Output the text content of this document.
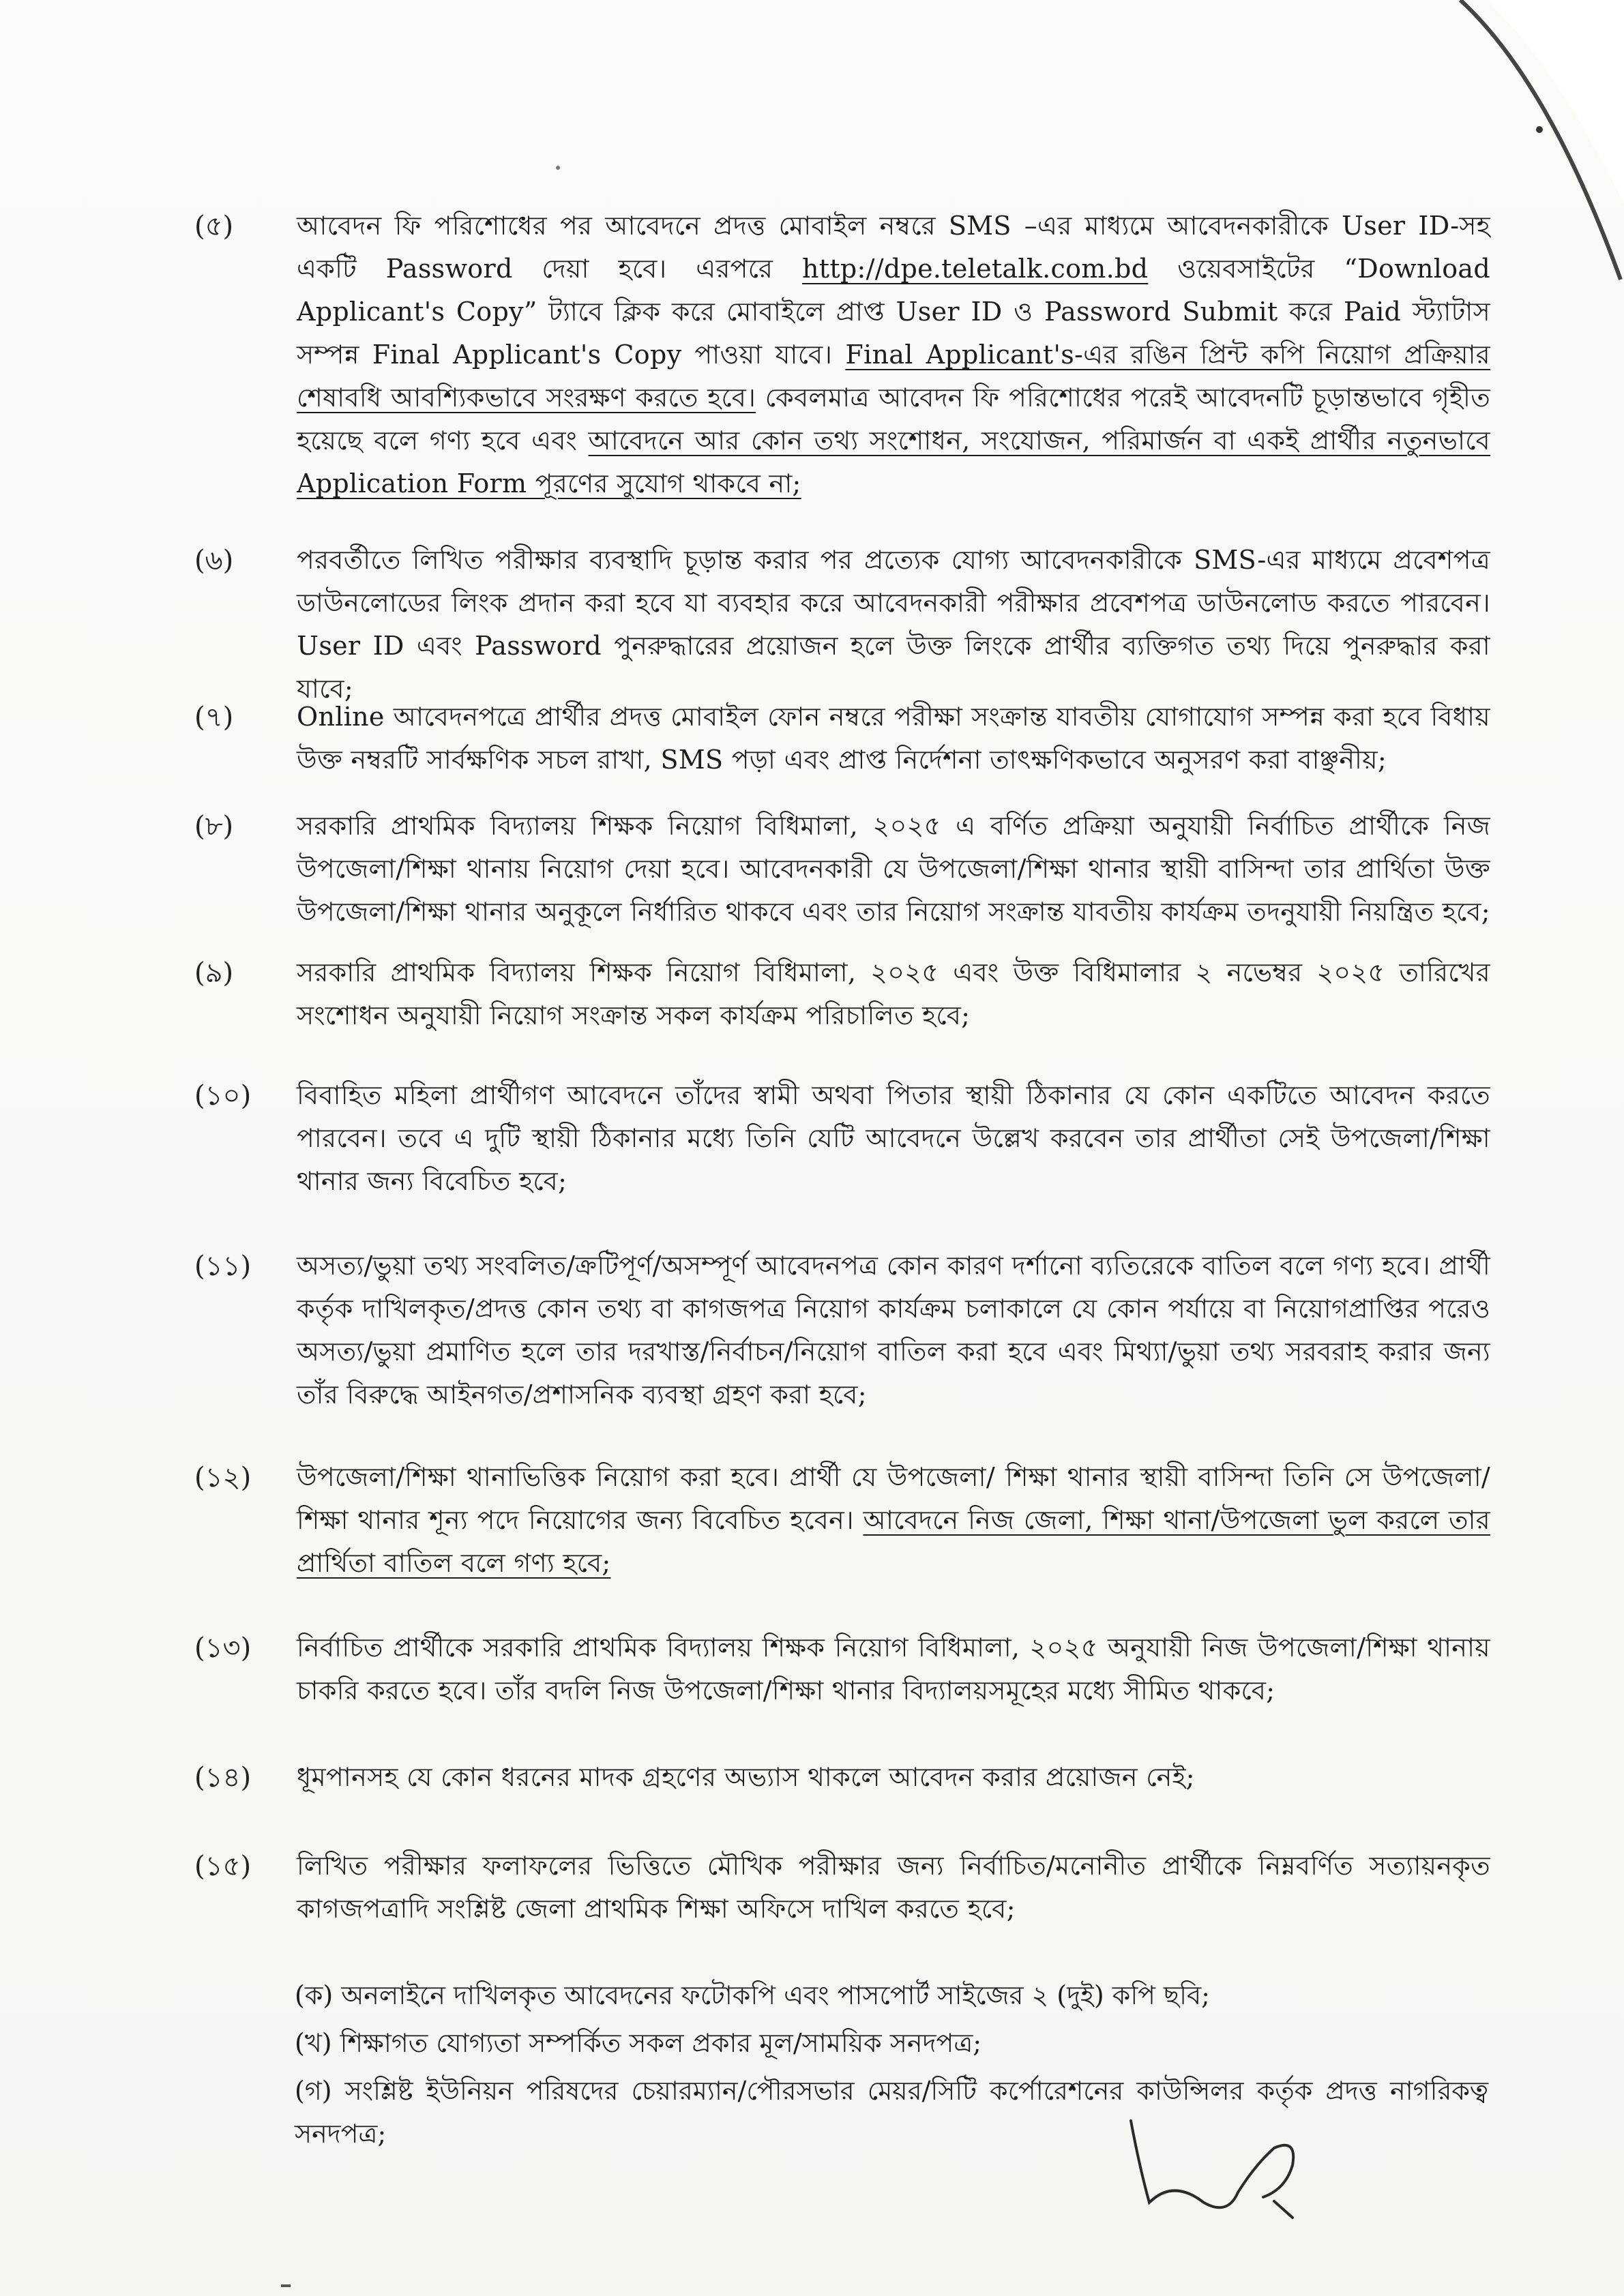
(৫)	আবেদন ফি পরিশোধের পর আবেদনে প্রদত্ত মোবাইল নম্বরে SMS –এর মাধ্যমে আবেদনকারীকে User ID-সহ একটি Password দেয়া হবে। এরপরে http://dpe.teletalk.com.bd ওয়েবসাইটের “Download Applicant's Copy” ট্যাবে ক্লিক করে মোবাইলে প্রাপ্ত User ID ও Password Submit করে Paid স্ট্যাটাস সম্পন্ন Final Applicant's Copy পাওয়া যাবে। Final Applicant's-এর রঙিন প্রিন্ট কপি নিয়োগ প্রক্রিয়ার শেষাবধি আবশ্যিকভাবে সংরক্ষণ করতে হবে। কেবলমাত্র আবেদন ফি পরিশোধের পরেই আবেদনটি চূড়ান্তভাবে গৃহীত হয়েছে বলে গণ্য হবে এবং আবেদনে আর কোন তথ্য সংশোধন, সংযোজন, পরিমার্জন বা একই প্রার্থীর নতুনভাবে Application Form পূরণের সুযোগ থাকবে না;
(৬)	পরবর্তীতে লিখিত পরীক্ষার ব্যবস্থাদি চূড়ান্ত করার পর প্রত্যেক যোগ্য আবেদনকারীকে SMS-এর মাধ্যমে প্রবেশপত্র ডাউনলোডের লিংক প্রদান করা হবে যা ব্যবহার করে আবেদনকারী পরীক্ষার প্রবেশপত্র ডাউনলোড করতে পারবেন। User ID এবং Password পুনরুদ্ধারের প্রয়োজন হলে উক্ত লিংকে প্রার্থীর ব্যক্তিগত তথ্য দিয়ে পুনরুদ্ধার করা যাবে;
(৭)	Online আবেদনপত্রে প্রার্থীর প্রদত্ত মোবাইল ফোন নম্বরে পরীক্ষা সংক্রান্ত যাবতীয় যোগাযোগ সম্পন্ন করা হবে বিধায় উক্ত নম্বরটি সার্বক্ষণিক সচল রাখা, SMS পড়া এবং প্রাপ্ত নির্দেশনা তাৎক্ষণিকভাবে অনুসরণ করা বাঞ্ছনীয়;
(৮)	সরকারি প্রাথমিক বিদ্যালয় শিক্ষক নিয়োগ বিধিমালা, ২০২৫ এ বর্ণিত প্রক্রিয়া অনুযায়ী নির্বাচিত প্রার্থীকে নিজ উপজেলা/শিক্ষা থানায় নিয়োগ দেয়া হবে। আবেদনকারী যে উপজেলা/শিক্ষা থানার স্থায়ী বাসিন্দা তার প্রার্থিতা উক্ত উপজেলা/শিক্ষা থানার অনুকূলে নির্ধারিত থাকবে এবং তার নিয়োগ সংক্রান্ত যাবতীয় কার্যক্রম তদনুযায়ী নিয়ন্ত্রিত হবে;
(৯)	সরকারি প্রাথমিক বিদ্যালয় শিক্ষক নিয়োগ বিধিমালা, ২০২৫ এবং উক্ত বিধিমালার ২ নভেম্বর ২০২৫ তারিখের সংশোধন অনুযায়ী নিয়োগ সংক্রান্ত সকল কার্যক্রম পরিচালিত হবে;
(১০)	বিবাহিত মহিলা প্রার্থীগণ আবেদনে তাঁদের স্বামী অথবা পিতার স্থায়ী ঠিকানার যে কোন একটিতে আবেদন করতে পারবেন। তবে এ দুটি স্থায়ী ঠিকানার মধ্যে তিনি যেটি আবেদনে উল্লেখ করবেন তার প্রার্থীতা সেই উপজেলা/শিক্ষা থানার জন্য বিবেচিত হবে;
(১১)	অসত্য/ভুয়া তথ্য সংবলিত/ক্রটিপূর্ণ/অসম্পূর্ণ আবেদনপত্র কোন কারণ দর্শানো ব্যতিরেকে বাতিল বলে গণ্য হবে। প্রার্থী কর্তৃক দাখিলকৃত/প্রদত্ত কোন তথ্য বা কাগজপত্র নিয়োগ কার্যক্রম চলাকালে যে কোন পর্যায়ে বা নিয়োগপ্রাপ্তির পরেও অসত্য/ভুয়া প্রমাণিত হলে তার দরখাস্ত/নির্বাচন/নিয়োগ বাতিল করা হবে এবং মিথ্যা/ভুয়া তথ্য সরবরাহ করার জন্য তাঁর বিরুদ্ধে আইনগত/প্রশাসনিক ব্যবস্থা গ্রহণ করা হবে;
(১২)	উপজেলা/শিক্ষা থানাভিত্তিক নিয়োগ করা হবে। প্রার্থী যে উপজেলা/ শিক্ষা থানার স্থায়ী বাসিন্দা তিনি সে উপজেলা/ শিক্ষা থানার শূন্য পদে নিয়োগের জন্য বিবেচিত হবেন। আবেদনে নিজ জেলা, শিক্ষা থানা/উপজেলা ভুল করলে তার প্রার্থিতা বাতিল বলে গণ্য হবে;
(১৩)	নির্বাচিত প্রার্থীকে সরকারি প্রাথমিক বিদ্যালয় শিক্ষক নিয়োগ বিধিমালা, ২০২৫ অনুযায়ী নিজ উপজেলা/শিক্ষা থানায় চাকরি করতে হবে। তাঁর বদলি নিজ উপজেলা/শিক্ষা থানার বিদ্যালয়সমূহের মধ্যে সীমিত থাকবে;
(১৪)	ধূমপানসহ যে কোন ধরনের মাদক গ্রহণের অভ্যাস থাকলে আবেদন করার প্রয়োজন নেই;
(১৫)	লিখিত পরীক্ষার ফলাফলের ভিত্তিতে মৌখিক পরীক্ষার জন্য নির্বাচিত/মনোনীত প্রার্থীকে নিম্নবর্ণিত সত্যায়নকৃত কাগজপত্রাদি সংশ্লিষ্ট জেলা প্রাথমিক শিক্ষা অফিসে দাখিল করতে হবে;
(ক) অনলাইনে দাখিলকৃত আবেদনের ফটোকপি এবং পাসপোর্ট সাইজের ২ (দুই) কপি ছবি;
(খ) শিক্ষাগত যোগ্যতা সম্পর্কিত সকল প্রকার মূল/সাময়িক সনদপত্র;
(গ) সংশ্লিষ্ট ইউনিয়ন পরিষদের চেয়ারম্যান/পৌরসভার মেয়র/সিটি কর্পোরেশনের কাউন্সিলর কর্তৃক প্রদত্ত নাগরিকত্ব সনদপত্র;
